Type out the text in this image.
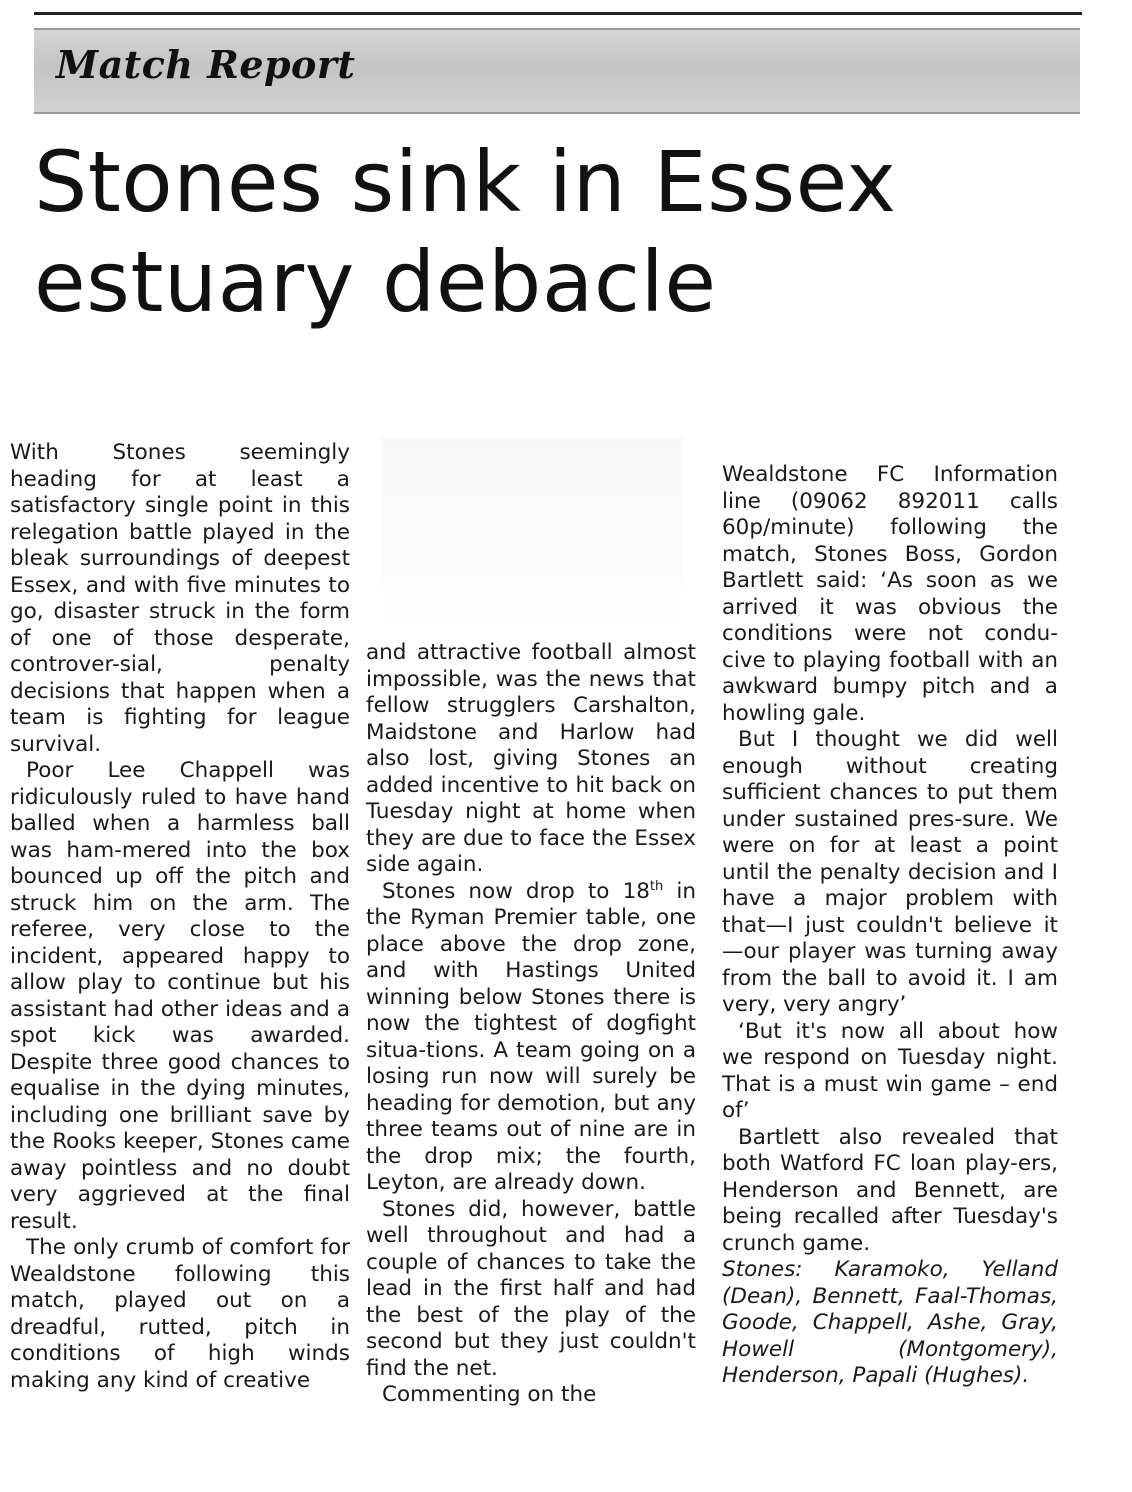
Match Report
Stones sink in Essex
estuary debacle

With Stones seemingly heading for at least a satisfactory single point in this relegation battle played in the bleak surroundings of deepest Essex, and with five minutes to go, disaster struck in the form of one of those desperate, controver-sial, penalty decisions that happen when a team is fighting for league survival.

Poor Lee Chappell was ridiculously ruled to have hand balled when a harmless ball was ham-mered into the box bounced up off the pitch and struck him on the arm. The referee, very close to the incident, appeared happy to allow play to continue but his assistant had other ideas and a spot kick was awarded. Despite three good chances to equalise in the dying minutes, including one brilliant save by the Rooks keeper, Stones came away pointless and no doubt very aggrieved at the final result.

The only crumb of comfort for Wealdstone following this match, played out on a dreadful, rutted, pitch in conditions of high winds making any kind of creative

and attractive football almost impossible, was the news that fellow strugglers Carshalton, Maidstone and Harlow had also lost, giving Stones an added incentive to hit back on Tuesday night at home when they are due to face the Essex side again.

Stones now drop to 18th in the Ryman Premier table, one place above the drop zone, and with Hastings United winning below Stones there is now the tightest of dogfight situa-tions. A team going on a losing run now will surely be heading for demotion, but any three teams out of nine are in the drop mix; the fourth, Leyton, are already down.

Stones did, however, battle well throughout and had a couple of chances to take the lead in the first half and had the best of the play of the second but they just couldn't find the net.

Commenting on the

Wealdstone FC Information line (09062 892011 calls 60p/minute) following the match, Stones Boss, Gordon Bartlett said: ‘As soon as we arrived it was obvious the conditions were not condu-cive to playing football with an awkward bumpy pitch and a howling gale.

But I thought we did well enough without creating sufficient chances to put them under sustained pres-sure. We were on for at least a point until the penalty decision and I have a major problem with that—I just couldn't believe it—our player was turning away from the ball to avoid it. I am very, very angry’

‘But it's now all about how we respond on Tuesday night. That is a must win game – end of’

Bartlett also revealed that both Watford FC loan play-ers, Henderson and Bennett, are being recalled after Tuesday's crunch game.

Stones: Karamoko, Yelland (Dean), Bennett, Faal-Thomas, Goode, Chappell, Ashe, Gray, Howell (Montgomery), Henderson, Papali (Hughes).
